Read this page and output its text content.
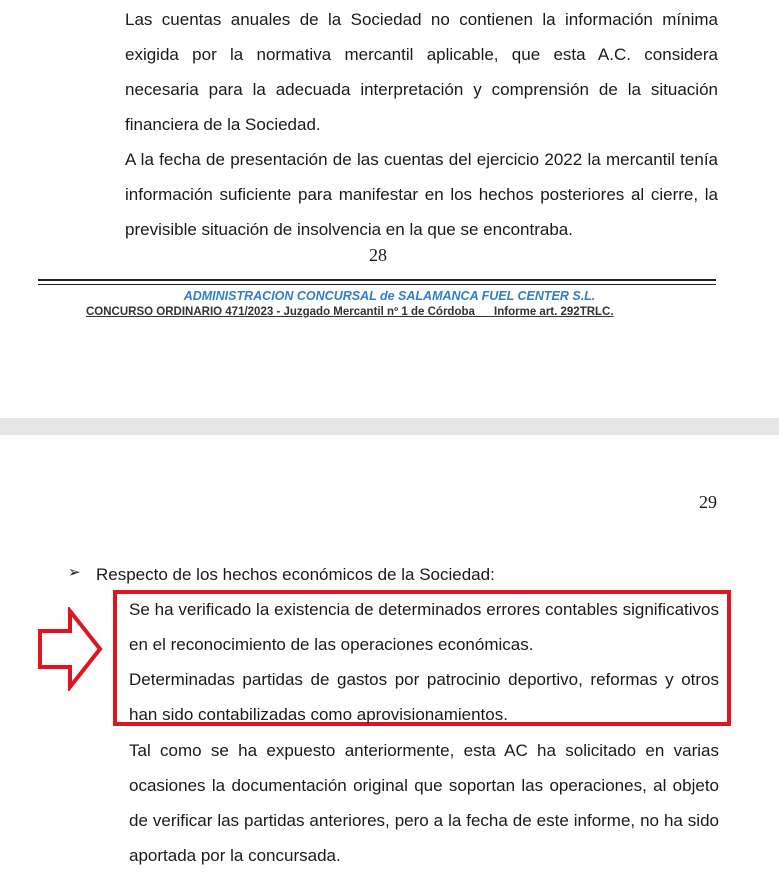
Las cuentas anuales de la Sociedad no contienen la información mínima exigida por la normativa mercantil aplicable, que esta A.C. considera necesaria para la adecuada interpretación y comprensión de la situación financiera de la Sociedad.

A la fecha de presentación de las cuentas del ejercicio 2022 la mercantil tenía información suficiente para manifestar en los hechos posteriores al cierre, la previsible situación de insolvencia en la que se encontraba.

28
ADMINISTRACION CONCURSAL de SALAMANCA FUEL CENTER S.L.
CONCURSO ORDINARIO 471/2023 - Juzgado Mercantil nº 1 de Córdoba      Informe art. 292TRLC.
29
➢ Respecto de los hechos económicos de la Sociedad:

Se ha verificado la existencia de determinados errores contables significativos en el reconocimiento de las operaciones económicas.

Determinadas partidas de gastos por patrocinio deportivo, reformas y otros han sido contabilizadas como aprovisionamientos.

Tal como se ha expuesto anteriormente, esta AC ha solicitado en varias ocasiones la documentación original que soportan las operaciones, al objeto de verificar las partidas anteriores, pero a la fecha de este informe, no ha sido aportada por la concursada.
